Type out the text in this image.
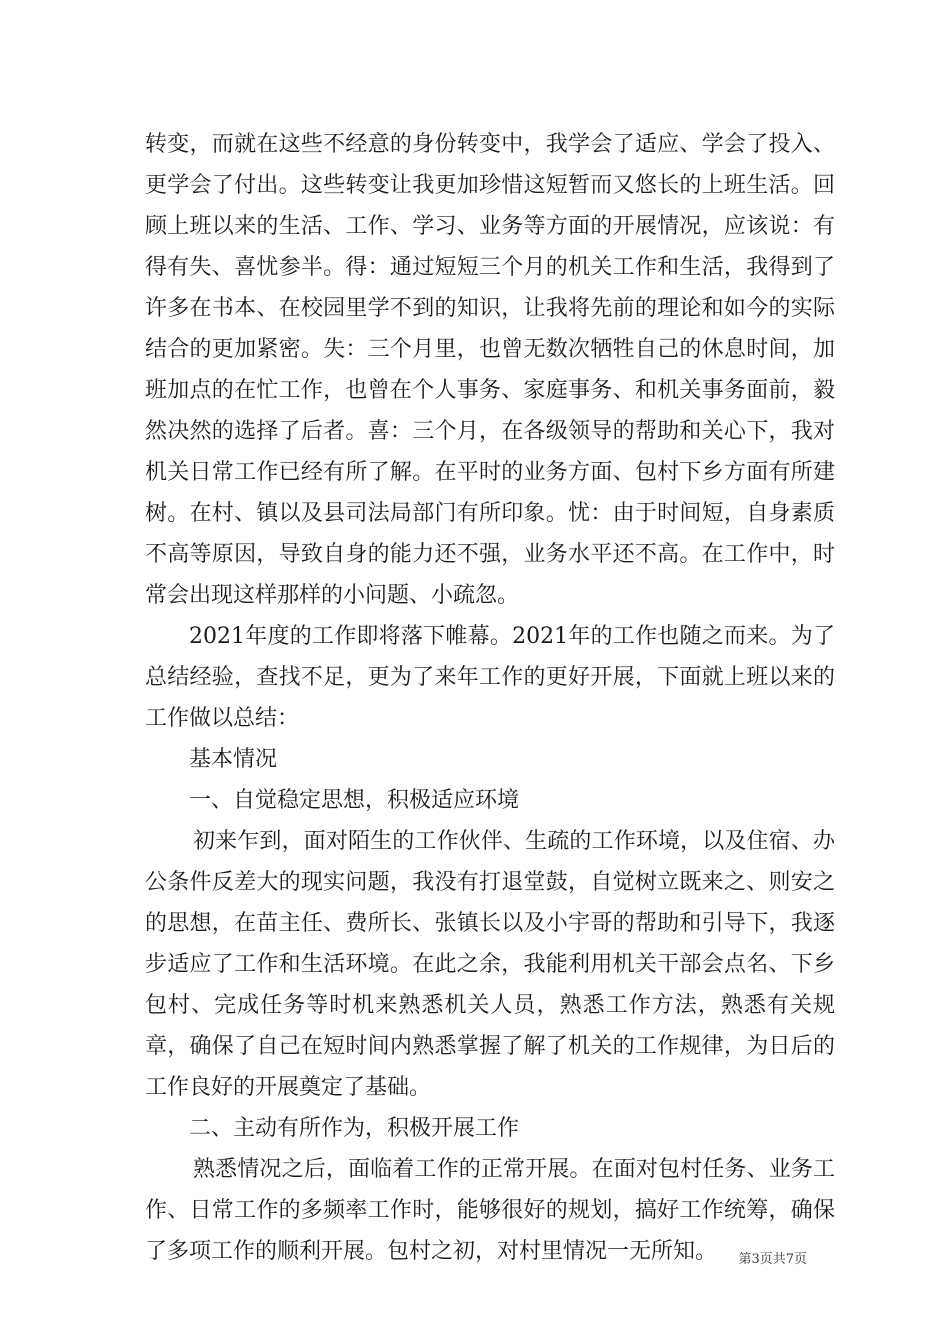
转变，而就在这些不经意的身份转变中，我学会了适应、学会了投入、更学会了付出。这些转变让我更加珍惜这短暂而又悠长的上班生活。回顾上班以来的生活、工作、学习、业务等方面的开展情况，应该说：有得有失、喜忧参半。得：通过短短三个月的机关工作和生活，我得到了许多在书本、在校园里学不到的知识，让我将先前的理论和如今的实际结合的更加紧密。失：三个月里，也曾无数次牺牲自己的休息时间，加班加点的在忙工作，也曾在个人事务、家庭事务、和机关事务面前，毅然决然的选择了后者。喜：三个月，在各级领导的帮助和关心下，我对机关日常工作已经有所了解。在平时的业务方面、包村下乡方面有所建树。在村、镇以及县司法局部门有所印象。忧：由于时间短，自身素质不高等原因，导致自身的能力还不强，业务水平还不高。在工作中，时常会出现这样那样的小问题、小疏忽。

2021年度的工作即将落下帷幕。2021年的工作也随之而来。为了总结经验，查找不足，更为了来年工作的更好开展，下面就上班以来的工作做以总结：

基本情况

一、自觉稳定思想，积极适应环境

初来乍到，面对陌生的工作伙伴、生疏的工作环境，以及住宿、办公条件反差大的现实问题，我没有打退堂鼓，自觉树立既来之、则安之的思想，在苗主任、费所长、张镇长以及小宇哥的帮助和引导下，我逐步适应了工作和生活环境。在此之余，我能利用机关干部会点名、下乡包村、完成任务等时机来熟悉机关人员，熟悉工作方法，熟悉有关规章，确保了自己在短时间内熟悉掌握了解了机关的工作规律，为日后的工作良好的开展奠定了基础。

二、主动有所作为，积极开展工作

熟悉情况之后，面临着工作的正常开展。在面对包村任务、业务工作、日常工作的多频率工作时，能够很好的规划，搞好工作统筹，确保了多项工作的顺利开展。包村之初，对村里情况一无所知。	第3页共7页
